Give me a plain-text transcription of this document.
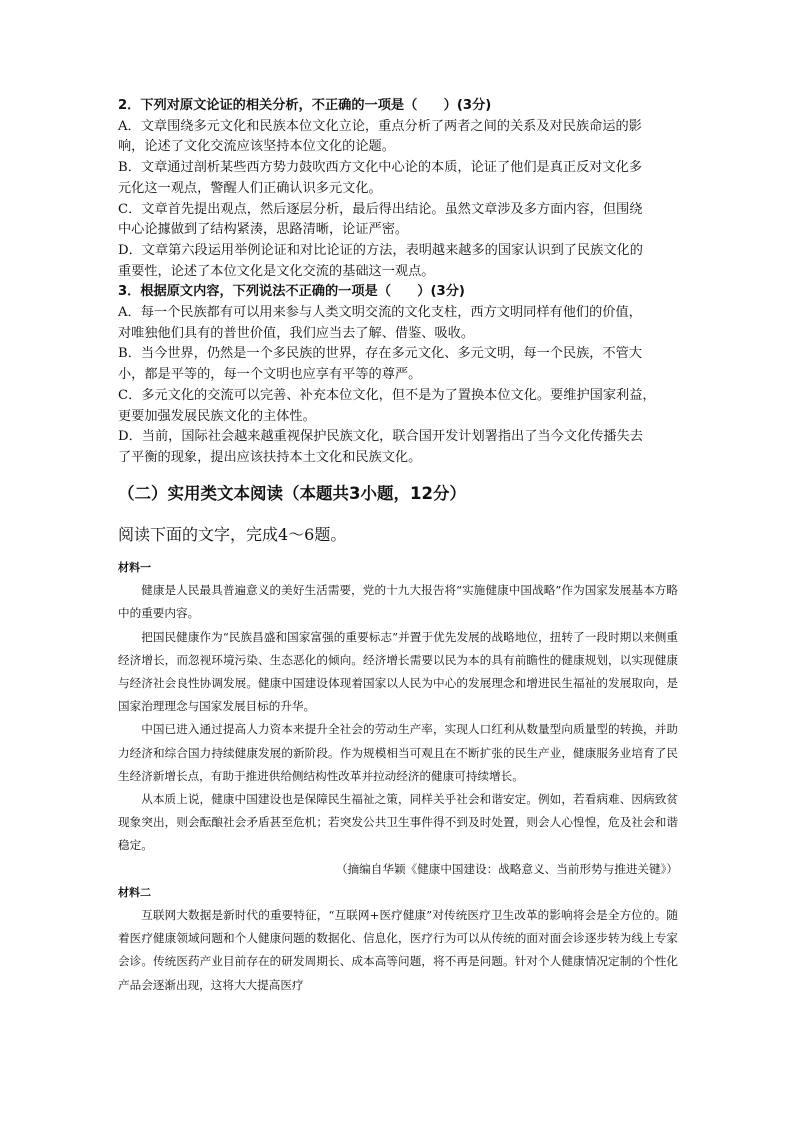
2．下列对原文论证的相关分析，不正确的一项是（　　）(3分)
A．文章围绕多元文化和民族本位文化立论，重点分析了两者之间的关系及对民族命运的影
响，论述了文化交流应该坚持本位文化的论题。
B．文章通过剖析某些西方势力鼓吹西方文化中心论的本质，论证了他们是真正反对文化多
元化这一观点，警醒人们正确认识多元文化。
C．文章首先提出观点，然后逐层分析，最后得出结论。虽然文章涉及多方面内容，但围绕
中心论據做到了结构紧湊，思路清晰，论证严密。
D．文章第六段运用举例论证和对比论证的方法，表明越来越多的国家认识到了民族文化的
重要性，论述了本位文化是文化交流的基础这一观点。
3．根据原文内容，下列说法不正确的一项是（　　）(3分)
A．每一个民族都有可以用来参与人类文明交流的文化支柱，西方文明同样有他们的价值，
对唯独他们具有的普世价值，我们应当去了解、借鉴、吸收。
B．当今世界，仍然是一个多民族的世界，存在多元文化、多元文明，每一个民族，不管大
小，都是平等的，每一个文明也应享有平等的尊严。
C．多元文化的交流可以完善、补充本位文化，但不是为了置换本位文化。要维护国家利益，
更要加强发展民族文化的主体性。
D．当前，国际社会越来越重视保护民族文化，联合国开发计划署指出了当今文化传播失去
了平衡的现象，提出应该扶持本土文化和民族文化。
（二）实用类文本阅读（本题共3小题，12分）
阅读下面的文字，完成4～6题。
材料一

健康是人民最具普遍意义的美好生活需要，党的十九大报告将“实施健康中国战略”作为国家发展基本方略中的重要内容。

把国民健康作为“民族昌盛和国家富强的重要标志”并置于优先发展的战略地位，扭转了一段时期以来侧重经济增长，而忽视环境污染、生态恶化的倾向。经济增长需要以民为本的具有前瞻性的健康规划，以实现健康与经济社会良性协调发展。健康中国建设体现着国家以人民为中心的发展理念和增进民生福祉的发展取向，是国家治理理念与国家发展目标的升华。

中国已进入通过提高人力资本来提升全社会的劳动生产率，实现人口红利从数量型向质量型的转换，并助力经济和综合国力持续健康发展的新阶段。作为规模相当可观且在不断扩张的民生产业，健康服务业培育了民生经济新增长点，有助于推进供给侧结构性改革并拉动经济的健康可持续增长。

从本质上说，健康中国建设也是保障民生福祉之策，同样关乎社会和谐安定。例如，若看病难、因病致贫现象突出，则会酝酿社会矛盾甚至危机；若突发公共卫生事件得不到及时处置，则会人心惶惶，危及社会和谐稳定。

（摘编自华颖《健康中国建设：战略意义、当前形势与推进关键》）

材料二

互联网大数据是新时代的重要特征，“互联网+医疗健康”对传统医疗卫生改革的影响将会是全方位的。随着医疗健康领域问题和个人健康问题的数据化、信息化，医疗行为可以从传统的面对面会诊逐步转为线上专家会诊。传统医药产业目前存在的研发周期长、成本高等问题，将不再是问题。针对个人健康情况定制的个性化产品会逐渐出现，这将大大提高医疗
